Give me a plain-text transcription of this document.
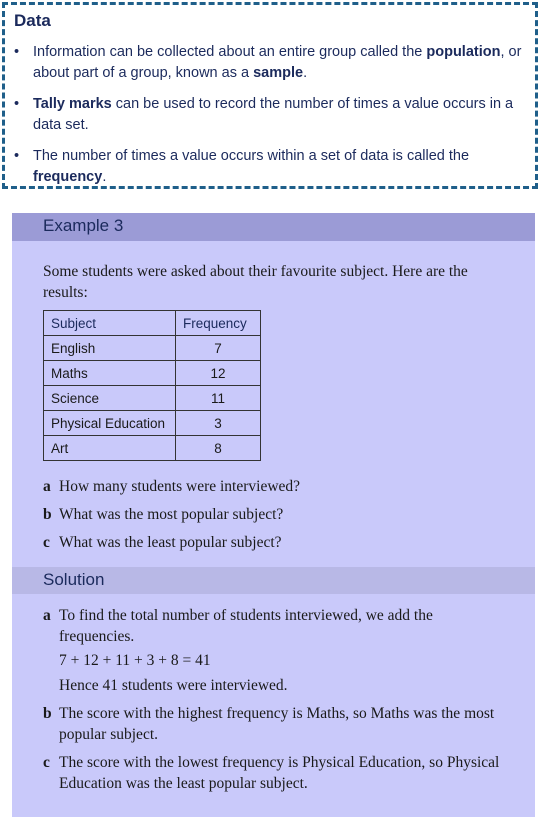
Data
• Information can be collected about an entire group called the population, or about part of a group, known as a sample.
• Tally marks can be used to record the number of times a value occurs in a data set.
• The number of times a value occurs within a set of data is called the frequency.
Example 3
Some students were asked about their favourite subject. Here are the results:
Subject	Frequency
English	7
Maths	12
Science	11
Physical Education	3
Art	8
a How many students were interviewed?
b What was the most popular subject?
c What was the least popular subject?
Solution
a To find the total number of students interviewed, we add the frequencies.
7 + 12 + 11 + 3 + 8 = 41
Hence 41 students were interviewed.
b The score with the highest frequency is Maths, so Maths was the most popular subject.
c The score with the lowest frequency is Physical Education, so Physical Education was the least popular subject.
